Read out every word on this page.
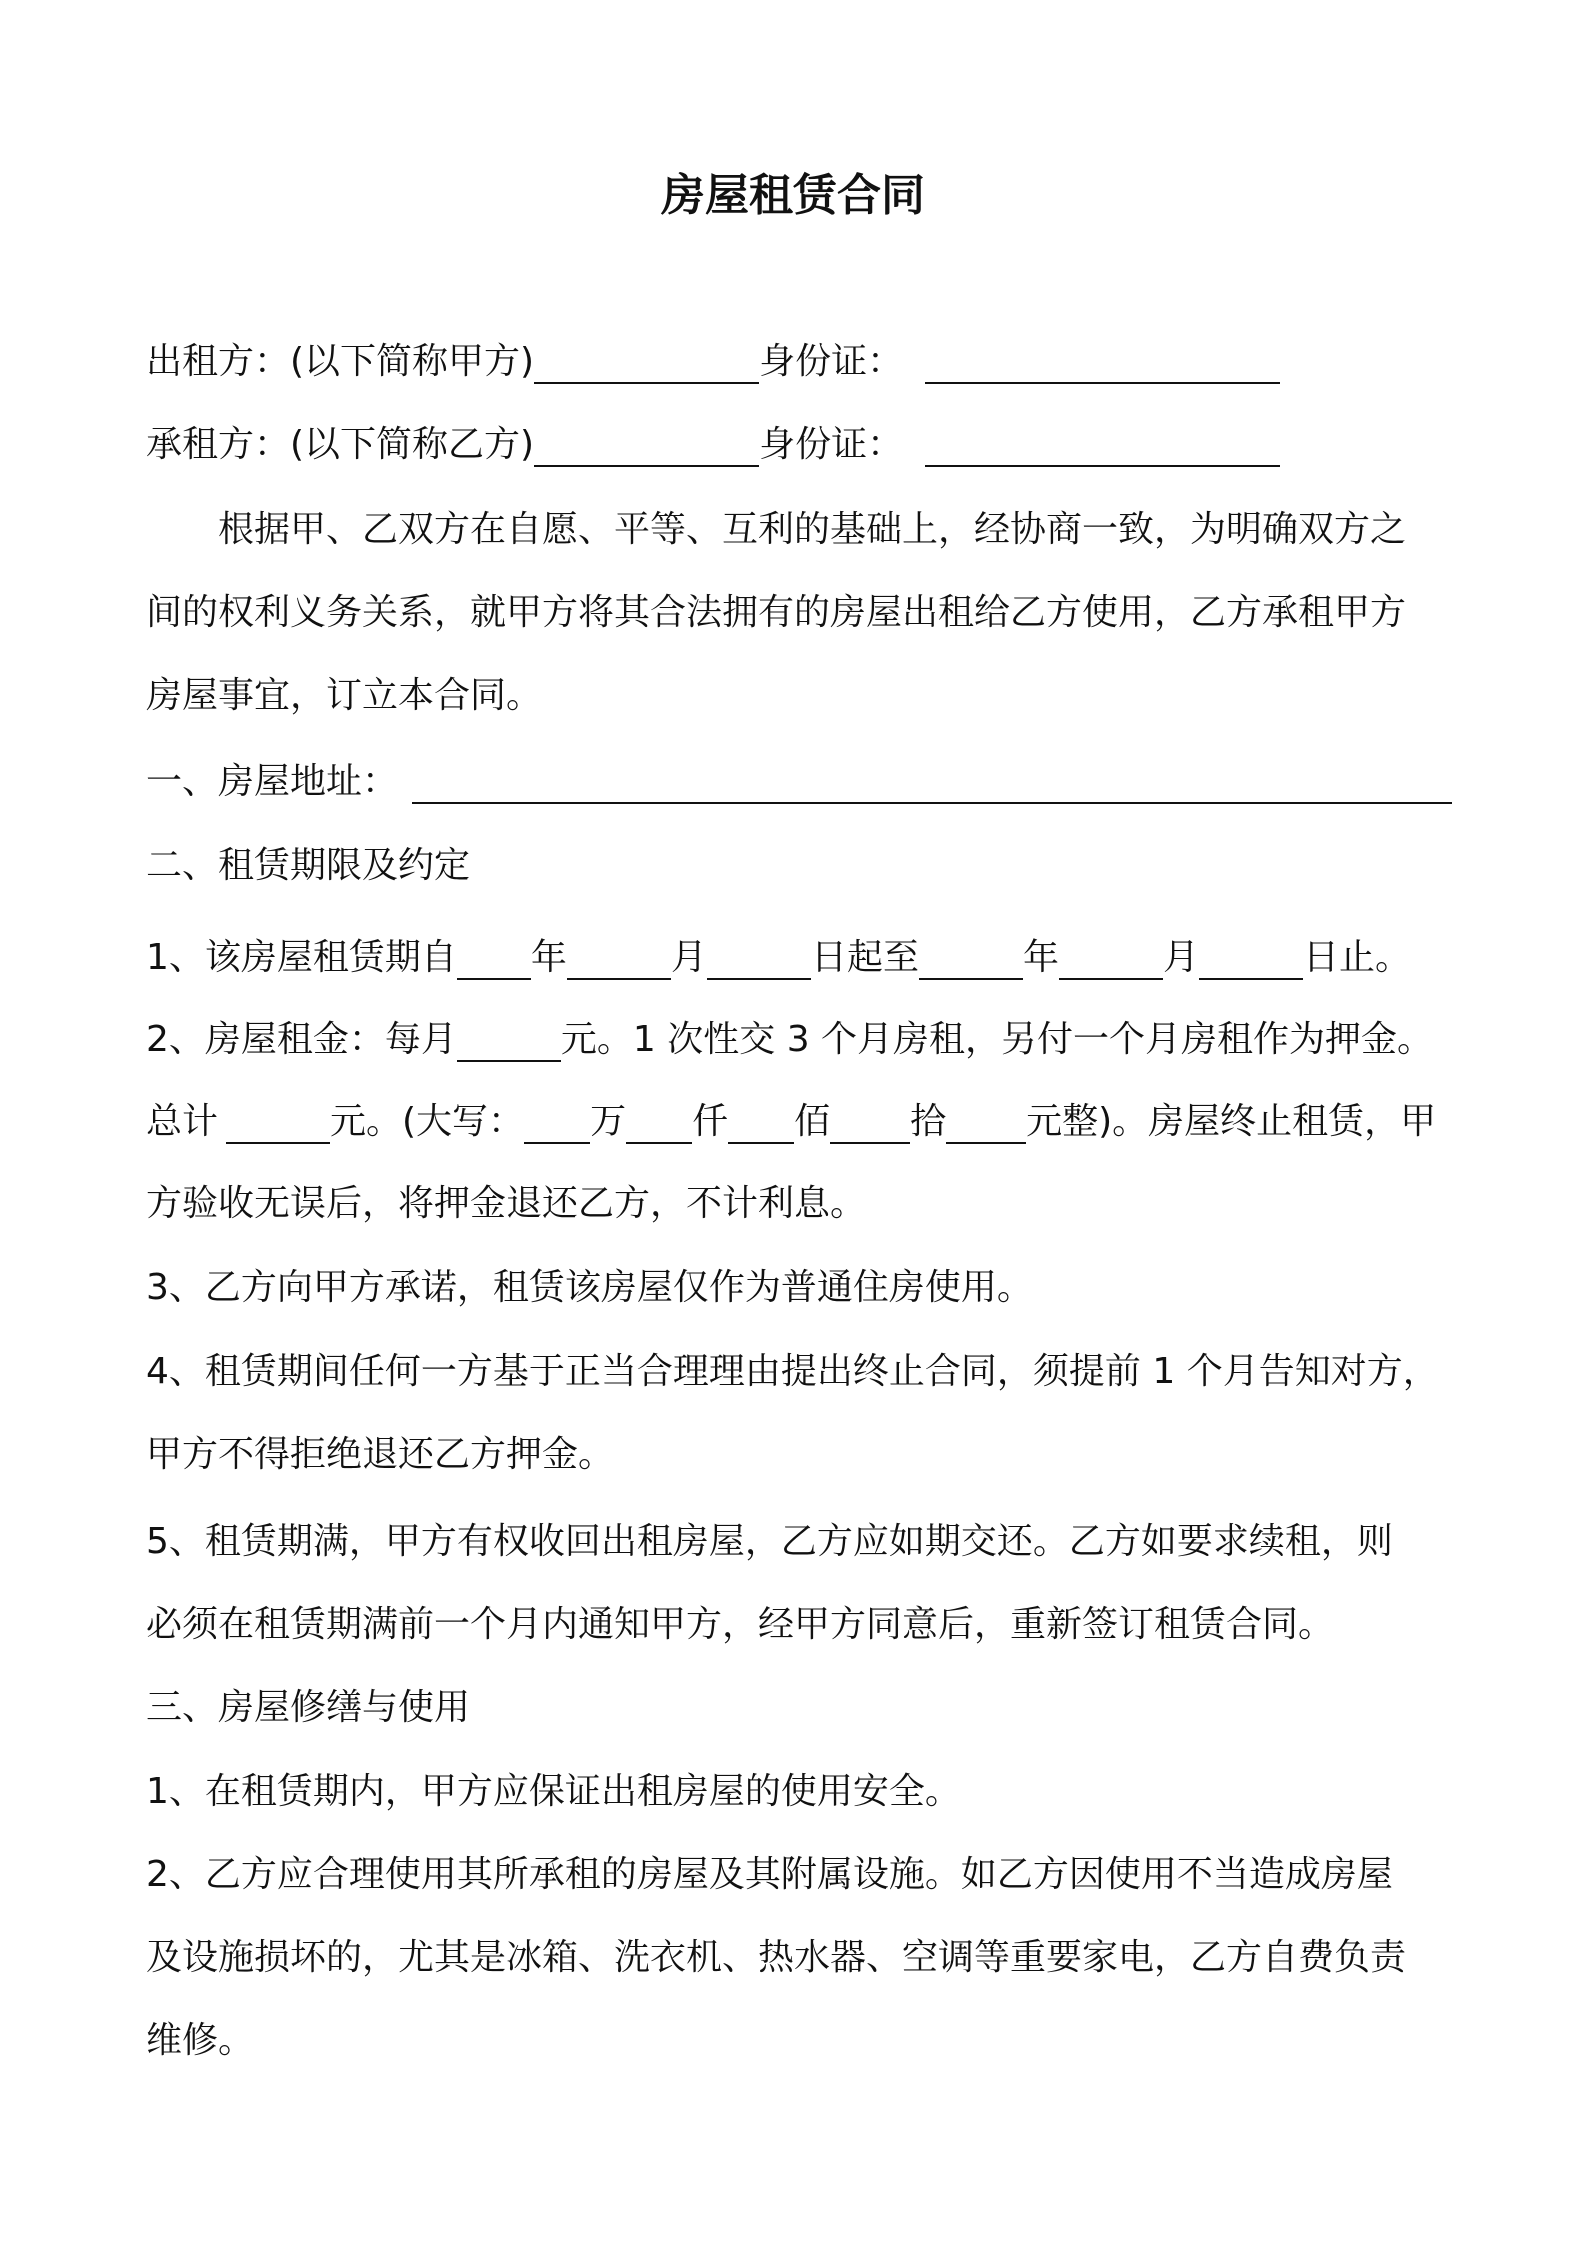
房屋租赁合同
出租方：(以下简称甲方)	身份证：
承租方：(以下简称乙方)	身份证：
根据甲、乙双方在自愿、平等、互利的基础上，经协商一致，为明确双方之
间的权利义务关系，就甲方将其合法拥有的房屋出租给乙方使用，乙方承租甲方
房屋事宜，订立本合同。
一、房屋地址：
二、租赁期限及约定
1、该房屋租赁期自 年	月	日起至	年	月	日止。
2、房屋租金：每月	元。1 次性交 3 个月房租，另付一个月房租作为押金。
总计	元。(大写： 万 仟 佰 拾 元整)。房屋终止租赁，甲
方验收无误后，将押金退还乙方，不计利息。
3、乙方向甲方承诺，租赁该房屋仅作为普通住房使用。
4、租赁期间任何一方基于正当合理理由提出终止合同，须提前 1 个月告知对方，
甲方不得拒绝退还乙方押金。
5、租赁期满，甲方有权收回出租房屋，乙方应如期交还。乙方如要求续租，则
必须在租赁期满前一个月内通知甲方，经甲方同意后，重新签订租赁合同。
三、房屋修缮与使用
1、在租赁期内，甲方应保证出租房屋的使用安全。
2、乙方应合理使用其所承租的房屋及其附属设施。如乙方因使用不当造成房屋
及设施损坏的，尤其是冰箱、洗衣机、热水器、空调等重要家电，乙方自费负责
维修。
